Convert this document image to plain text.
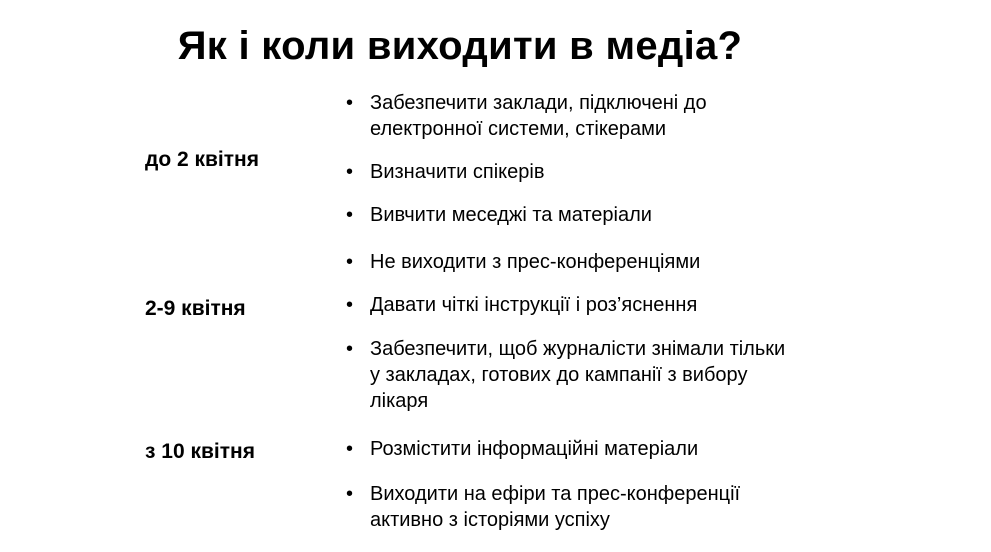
Як і коли виходити в медіа?
до 2 квітня
• Забезпечити заклади, підключені до електронної системи, стікерами
• Визначити спікерів
• Вивчити меседжі та матеріали
2-9 квітня
• Не виходити з прес-конференціями
• Давати чіткі інструкції і роз’яснення
• Забезпечити, щоб журналісти знімали тільки у закладах, готових до кампанії з вибору лікаря
з 10 квітня	• Розмістити інформаційні матеріали
• Виходити на ефіри та прес-конференції активно з історіями успіху
